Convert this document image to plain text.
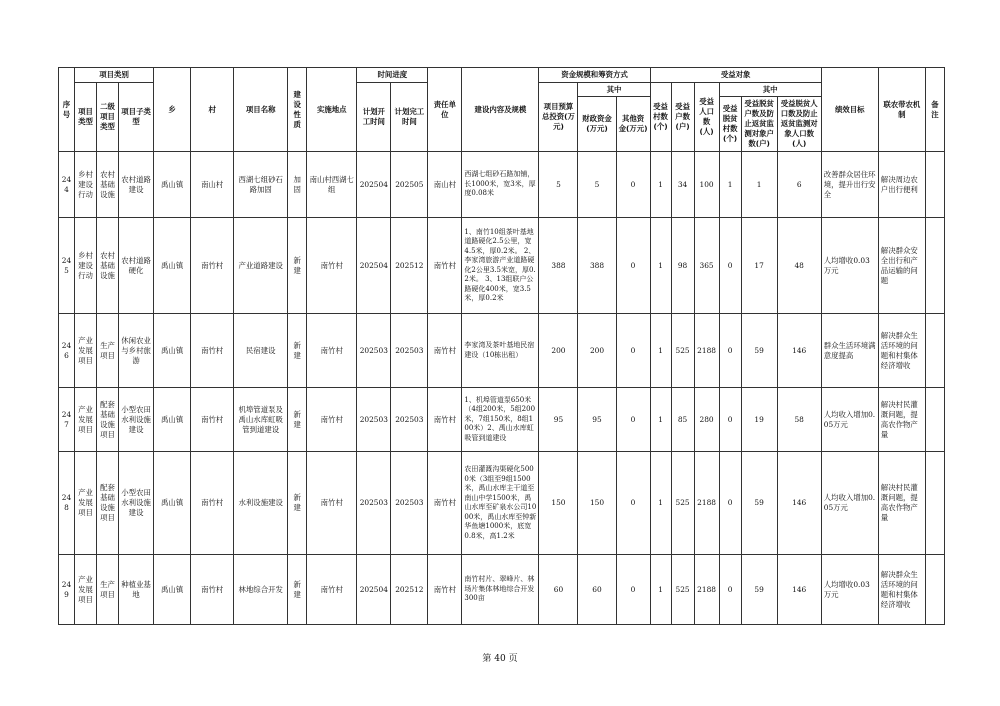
序号	项目类别			乡	村	项目名称	建设性质	实施地点	时间进度		责任单位	建设内容及规模	资金规模和筹资方式			受益对象						绩效目标	联农带农机制	备注
	项目类型	二级项目类型	项目子类型						计划开工时间	计划完工时间			项目预算总投资(万元)	其中		受益村数(个)	受益户数(户)	受益人口数(人)	其中					
														财政资金(万元)	其他资金(万元)				受益脱贫村数(个)	受益脱贫户数及防止返贫监测对象户数(户)	受益脱贫人口数及防止返贫监测对象人口数(人)			
244	乡村建设行动	农村基础设施	农村道路建设	禹山镇	南山村	西湖七组砂石路加固	加固	南山村西湖七组	202504	202505	南山村	西湖七组砂石路加铺，长1000米，宽3米，厚度0.08米	5	5	0	1	34	100	1	1	6	改善群众居住环境，提升出行安全	解决周边农户出行便利	
245	乡村建设行动	农村基础设施	农村道路硬化	禹山镇	南竹村	产业道路建设	新建	南竹村	202504	202512	南竹村	1、南竹10组茶叶基地道路硬化2.5公里，宽4.5米，厚0.2米。 2、李家湾旅游产业道路硬化2公里3.5米宽，厚0.2米。 3、13组联户公路硬化400米，宽3.5米，厚0.2米	388	388	0	1	98	365	0	17	48	人均增收0.03万元	解决群众安全出行和产品运输的问题	
246	产业发展项目	生产项目	休闲农业与乡村旅游	禹山镇	南竹村	民宿建设	新建	南竹村	202503	202503	南竹村	李家湾及茶叶基地民宿建设（10栋出租）	200	200	0	1	525	2188	0	59	146	群众生活环境满意度提高	解决群众生活环境的问题和村集体经济增收	
247	产业发展项目	配套基础设施项目	小型农田水利设施建设	禹山镇	南竹村	机埠管道泵及禹山水库虹吸管到道建设	新建	南竹村	202503	202503	南竹村	1、机埠管道泵650米（4组200米，5组200米，7组150米，8组100米）2、禹山水库虹吸管到道建设	95	95	0	1	85	280	0	19	58	人均收入增加0.05万元	解决村民灌溉问题，提高农作物产量	
248	产业发展项目	配套基础设施项目	小型农田水利设施建设	禹山镇	南竹村	水利设施建设	新建	南竹村	202503	202503	南竹村	农田灌溉沟渠硬化5000米（3组至9组1500米，禹山水库主干道至南山中学1500米，禹山水库至矿泉水公司1000米，禹山水库至钟新华鱼塘1000米，底宽0.8米，高1.2米	150	150	0	1	525	2188	0	59	146	人均收入增加0.05万元	解决村民灌溉问题，提高农作物产量	
249	产业发展项目	生产项目	种植业基地	禹山镇	南竹村	林地综合开发	新建	南竹村	202504	202512	南竹村	南竹村片、翠峰片、林场片集体林地综合开发300亩	60	60	0	1	525	2188	0	59	146	人均增收0.03万元	解决群众生活环境的问题和村集体经济增收	
第 40 页
